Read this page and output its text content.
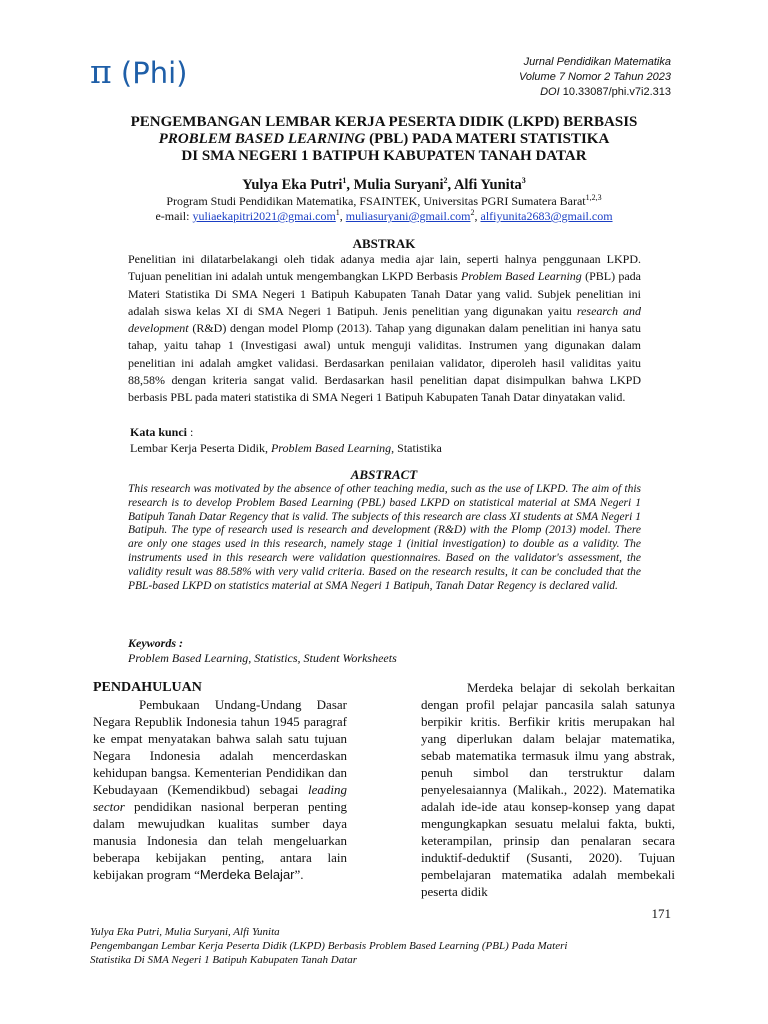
π (Phi)	Jurnal Pendidikan Matematika
Volume 7 Nomor 2 Tahun 2023
DOI 10.33087/phi.v7i2.313
PENGEMBANGAN LEMBAR KERJA PESERTA DIDIK (LKPD) BERBASIS
PROBLEM BASED LEARNING (PBL) PADA MATERI STATISTIKA
DI SMA NEGERI 1 BATIPUH KABUPATEN TANAH DATAR
Yulya Eka Putri$^1$, Mulia Suryani$^2$, Alfi Yunita$^3$
Program Studi Pendidikan Matematika, FSAINTEK, Universitas PGRI Sumatera Barat$^{1,2,3}$
e-mail: yuliaekapitri2021@gmai.com$^1$, muliasuryani@gmail.com$^2$, alfiyunita2683@gmail.com
ABSTRAK
Penelitian ini dilatarbelakangi oleh tidak adanya media ajar lain, seperti halnya penggunaan LKPD. Tujuan penelitian ini adalah untuk mengembangkan LKPD Berbasis Problem Based Learning (PBL) pada Materi Statistika Di SMA Negeri 1 Batipuh Kabupaten Tanah Datar yang valid. Subjek penelitian ini adalah siswa kelas XI di SMA Negeri 1 Batipuh. Jenis penelitian yang digunakan yaitu research and development (R&D) dengan model Plomp (2013). Tahap yang digunakan dalam penelitian ini hanya satu tahap, yaitu tahap 1 (Investigasi awal) untuk menguji validitas. Instrumen yang digunakan dalam penelitian ini adalah amgket validasi. Berdasarkan penilaian validator, diperoleh hasil validitas yaitu 88,58% dengan kriteria sangat valid. Berdasarkan hasil penelitian dapat disimpulkan bahwa LKPD berbasis PBL pada materi statistika di SMA Negeri 1 Batipuh Kabupaten Tanah Datar dinyatakan valid.
Kata kunci :
Lembar Kerja Peserta Didik, Problem Based Learning, Statistika
ABSTRACT
This research was motivated by the absence of other teaching media, such as the use of LKPD. The aim of this research is to develop Problem Based Learning (PBL) based LKPD on statistical material at SMA Negeri 1 Batipuh Tanah Datar Regency that is valid. The subjects of this research are class XI students at SMA Negeri 1 Batipuh. The type of research used is research and development (R&D) with the Plomp (2013) model. There are only one stages used in this research, namely stage 1 (initial investigation) to double as a validity. The instruments used in this research were validation questionnaires. Based on the validator's assessment, the validity result was 88.58% with very valid criteria. Based on the research results, it can be concluded that the PBL-based LKPD on statistics material at SMA Negeri 1 Batipuh, Tanah Datar Regency is declared valid.
Keywords :
Problem Based Learning, Statistics, Student Worksheets
PENDAHULUAN

Pembukaan Undang-Undang Dasar Negara Republik Indonesia tahun 1945 paragraf ke empat menyatakan bahwa salah satu tujuan Negara Indonesia adalah mencerdaskan kehidupan bangsa. Kementerian Pendidikan dan Kebudayaan (Kemendikbud) sebagai leading sector pendidikan nasional berperan penting dalam mewujudkan kualitas sumber daya manusia Indonesia dan telah mengeluarkan beberapa kebijakan penting, antara lain kebijakan program “Merdeka Belajar”.

Merdeka belajar di sekolah berkaitan dengan profil pelajar pancasila salah satunya berpikir kritis. Berfikir kritis merupakan hal yang diperlukan dalam belajar matematika, sebab matematika termasuk ilmu yang abstrak, penuh simbol dan terstruktur dalam penyelesaiannya (Malikah., 2022). Matematika adalah ide-ide atau konsep-konsep yang dapat mengungkapkan sesuatu melalui fakta, bukti, keterampilan, prinsip dan penalaran secara induktif-deduktif (Susanti, 2020). Tujuan pembelajaran matematika adalah membekali peserta didik

171
Yulya Eka Putri, Mulia Suryani, Alfi Yunita
Pengembangan Lembar Kerja Peserta Didik (LKPD) Berbasis Problem Based Learning (PBL) Pada Materi
Statistika Di SMA Negeri 1 Batipuh Kabupaten Tanah Datar
